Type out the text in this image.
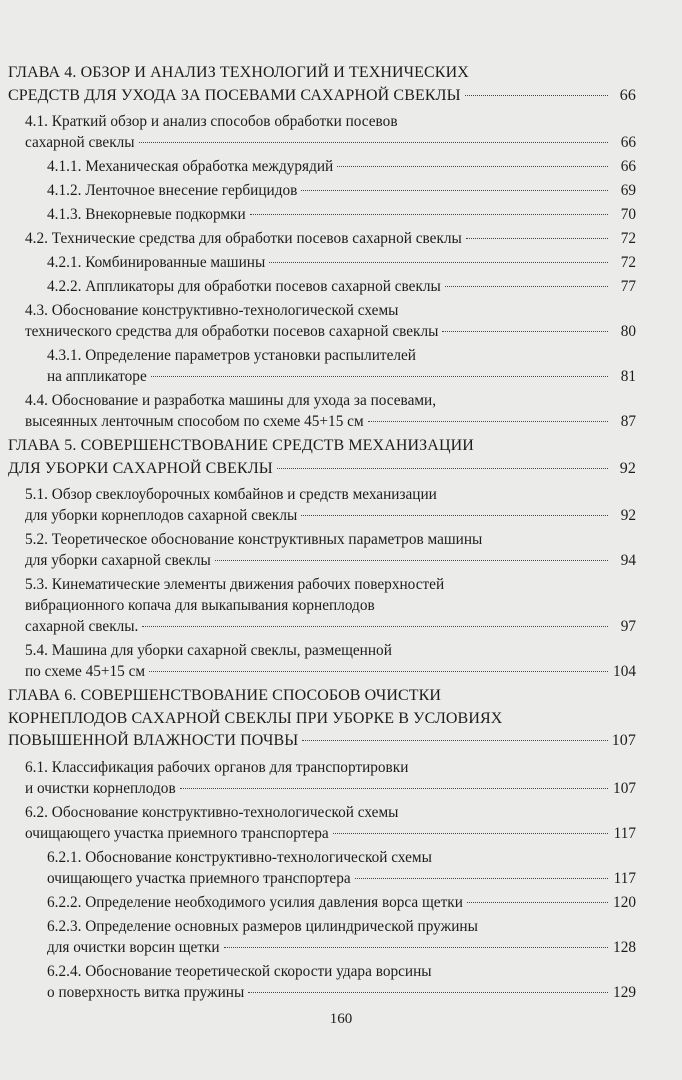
ГЛАВА 4. ОБЗОР И АНАЛИЗ ТЕХНОЛОГИЙ И ТЕХНИЧЕСКИХ
СРЕДСТВ ДЛЯ УХОДА ЗА ПОСЕВАМИ САХАРНОЙ СВЕКЛЫ	66
4.1. Краткий обзор и анализ способов обработки посевов
сахарной свеклы	66
4.1.1. Механическая обработка междурядий	66
4.1.2. Ленточное внесение гербицидов	69
4.1.3. Внекорневые подкормки	70
4.2. Технические средства для обработки посевов сахарной свеклы	72
4.2.1. Комбинированные машины	72
4.2.2. Аппликаторы для обработки посевов сахарной свеклы	77
4.3. Обоснование конструктивно-технологической схемы
технического средства для обработки посевов сахарной свеклы	80
4.3.1. Определение параметров установки распылителей
на аппликаторе	81
4.4. Обоснование и разработка машины для ухода за посевами,
высеянных ленточным способом по схеме 45+15 см	87
ГЛАВА 5. СОВЕРШЕНСТВОВАНИЕ СРЕДСТВ МЕХАНИЗАЦИИ
ДЛЯ УБОРКИ САХАРНОЙ СВЕКЛЫ	92
5.1. Обзор свеклоуборочных комбайнов и средств механизации
для уборки корнеплодов сахарной свеклы	92
5.2. Теоретическое обоснование конструктивных параметров машины
для уборки сахарной свеклы	94
5.3. Кинематические элементы движения рабочих поверхностей
вибрационного копача для выкапывания корнеплодов
сахарной свеклы.	97
5.4. Машина для уборки сахарной свеклы, размещенной
по схеме 45+15 см	104
ГЛАВА 6. СОВЕРШЕНСТВОВАНИЕ СПОСОБОВ ОЧИСТКИ
КОРНЕПЛОДОВ САХАРНОЙ СВЕКЛЫ ПРИ УБОРКЕ В УСЛОВИЯХ
ПОВЫШЕННОЙ ВЛАЖНОСТИ ПОЧВЫ	107
6.1. Классификация рабочих органов для транспортировки
и очистки корнеплодов	107
6.2. Обоснование конструктивно-технологической схемы
очищающего участка приемного транспортера	117
6.2.1. Обоснование конструктивно-технологической схемы
очищающего участка приемного транспортера	117
6.2.2. Определение необходимого усилия давления ворса щетки	120
6.2.3. Определение основных размеров цилиндрической пружины
для очистки ворсин щетки	128
6.2.4. Обоснование теоретической скорости удара ворсины
о поверхность витка пружины	129
160
